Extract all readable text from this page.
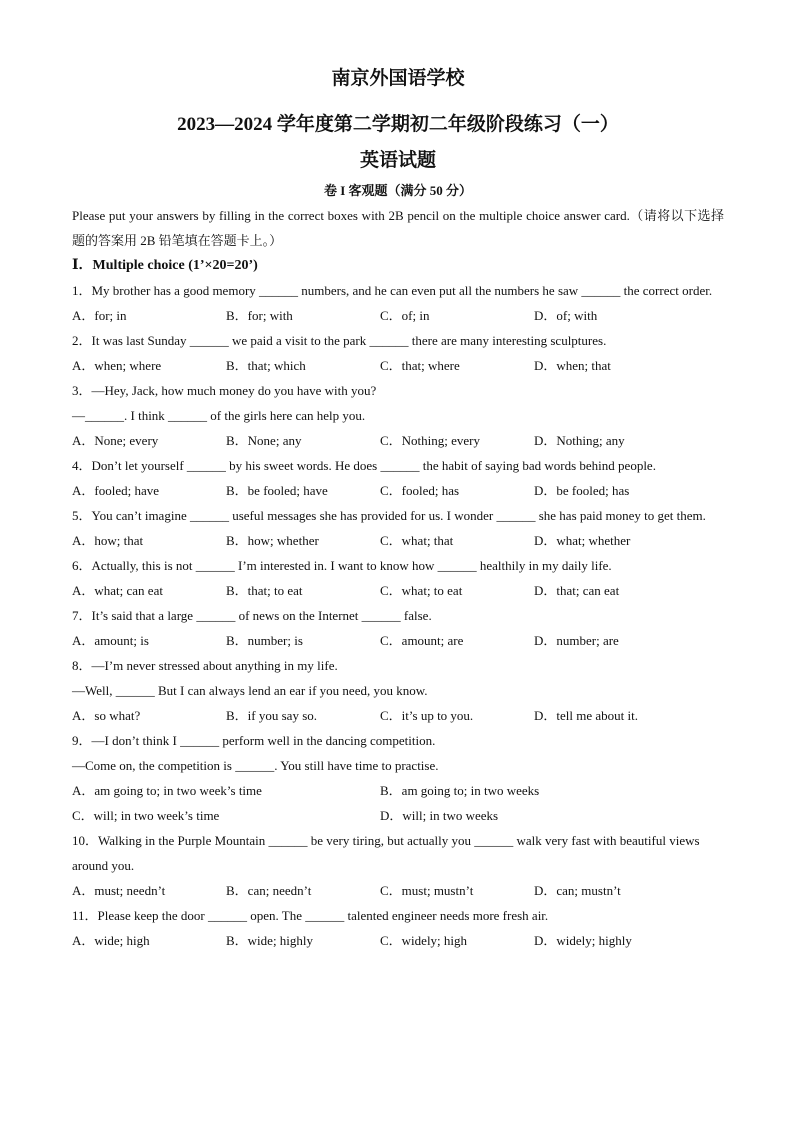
南京外国语学校
2023—2024 学年度第二学期初二年级阶段练习（一）
英语试题
卷 I 客观题（满分 50 分）
Please put your answers by filling in the correct boxes with 2B pencil on the multiple choice answer card.（请将以下选择题的答案用 2B 铅笔填在答题卡上。）
Ⅰ．Multiple choice (1’×20=20’)
1．My brother has a good memory ______ numbers, and he can even put all the numbers he saw ______ the correct order.
A．for; in	B．for; with	C．of; in	D．of; with
2．It was last Sunday ______ we paid a visit to the park ______ there are many interesting sculptures.
A．when; where	B．that; which	C．that; where	D．when; that
3．—Hey, Jack, how much money do you have with you?
—______. I think ______ of the girls here can help you.
A．None; every	B．None; any	C．Nothing; every	D．Nothing; any
4．Don’t let yourself ______ by his sweet words. He does ______ the habit of saying bad words behind people.
A．fooled; have	B．be fooled; have	C．fooled; has	D．be fooled; has
5．You can’t imagine ______ useful messages she has provided for us. I wonder ______ she has paid money to get them.
A．how; that	B．how; whether	C．what; that	D．what; whether
6．Actually, this is not ______ I’m interested in. I want to know how ______ healthily in my daily life.
A．what; can eat	B．that; to eat	C．what; to eat	D．that; can eat
7．It’s said that a large ______ of news on the Internet ______ false.
A．amount; is	B．number; is	C．amount; are	D．number; are
8．—I’m never stressed about anything in my life.
—Well, ______ But I can always lend an ear if you need, you know.
A．so what?	B．if you say so.	C．it’s up to you.	D．tell me about it.
9．—I don’t think I ______ perform well in the dancing competition.
—Come on, the competition is ______. You still have time to practise.
A．am going to; in two week’s time	B．am going to; in two weeks
C．will; in two week’s time	D．will; in two weeks
10．Walking in the Purple Mountain ______ be very tiring, but actually you ______ walk very fast with beautiful views around you.
A．must; needn’t	B．can; needn’t	C．must; mustn’t	D．can; mustn’t
11．Please keep the door ______ open. The ______ talented engineer needs more fresh air.
A．wide; high	B．wide; highly	C．widely; high	D．widely; highly
